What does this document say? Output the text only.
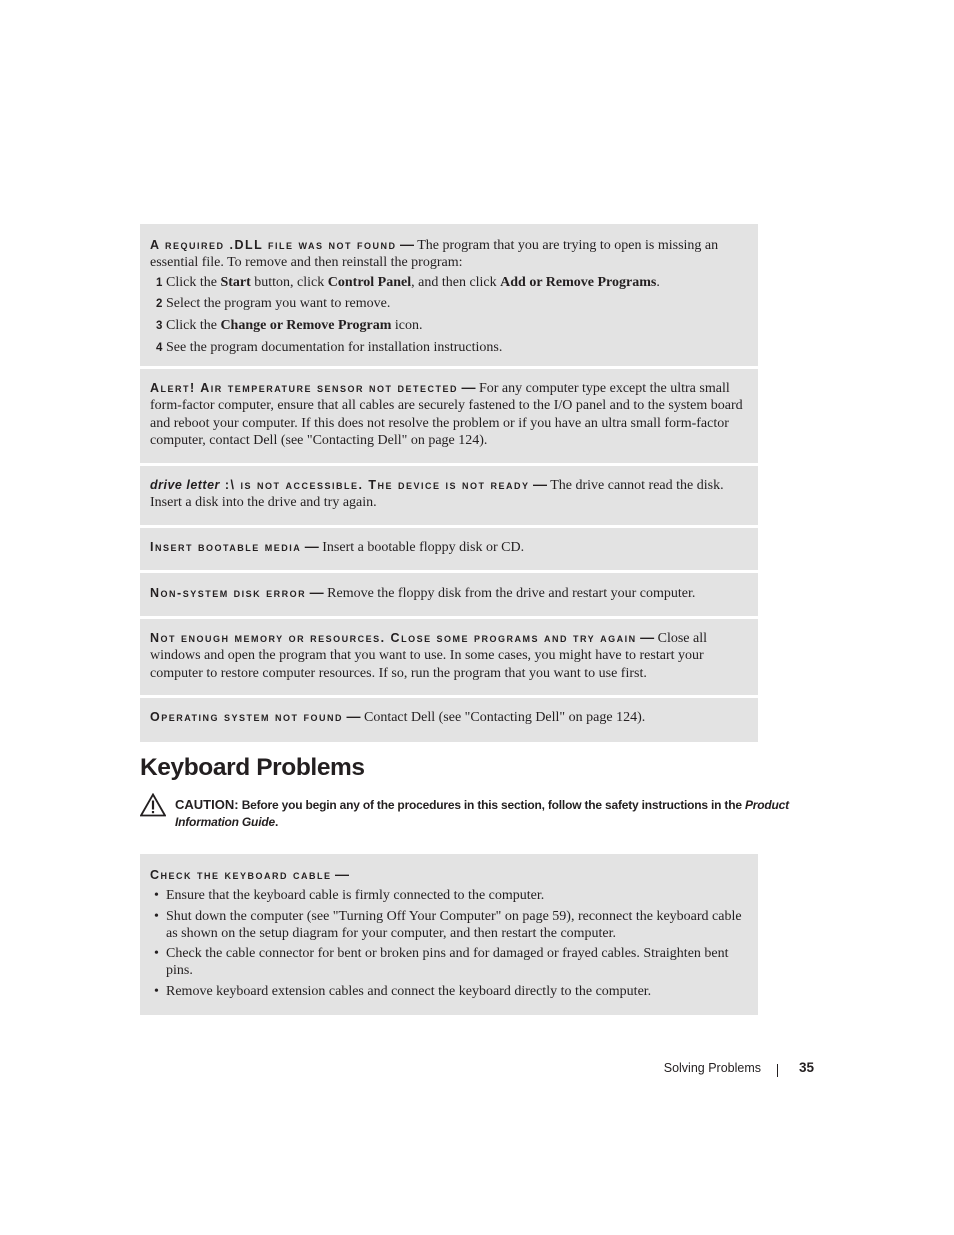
A required .DLL file was not found — The program that you are trying to open is missing an essential file. To remove and then reinstall the program:
1 Click the Start button, click Control Panel, and then click Add or Remove Programs.
2 Select the program you want to remove.
3 Click the Change or Remove Program icon.
4 See the program documentation for installation instructions.
Alert! Air temperature sensor not detected — For any computer type except the ultra small form-factor computer, ensure that all cables are securely fastened to the I/O panel and to the system board and reboot your computer. If this does not resolve the problem or if you have an ultra small form-factor computer, contact Dell (see "Contacting Dell" on page 124).
drive letter :\ is not accessible. The device is not ready — The drive cannot read the disk. Insert a disk into the drive and try again.
Insert bootable media — Insert a bootable floppy disk or CD.
Non-system disk error — Remove the floppy disk from the drive and restart your computer.
Not enough memory or resources. Close some programs and try again — Close all windows and open the program that you want to use. In some cases, you might have to restart your computer to restore computer resources. If so, run the program that you want to use first.
Operating system not found — Contact Dell (see "Contacting Dell" on page 124).
Keyboard Problems
CAUTION: Before you begin any of the procedures in this section, follow the safety instructions in the Product Information Guide.
Check the keyboard cable —
• Ensure that the keyboard cable is firmly connected to the computer.
• Shut down the computer (see "Turning Off Your Computer" on page 59), reconnect the keyboard cable as shown on the setup diagram for your computer, and then restart the computer.
• Check the cable connector for bent or broken pins and for damaged or frayed cables. Straighten bent pins.
• Remove keyboard extension cables and connect the keyboard directly to the computer.
Solving Problems	35
